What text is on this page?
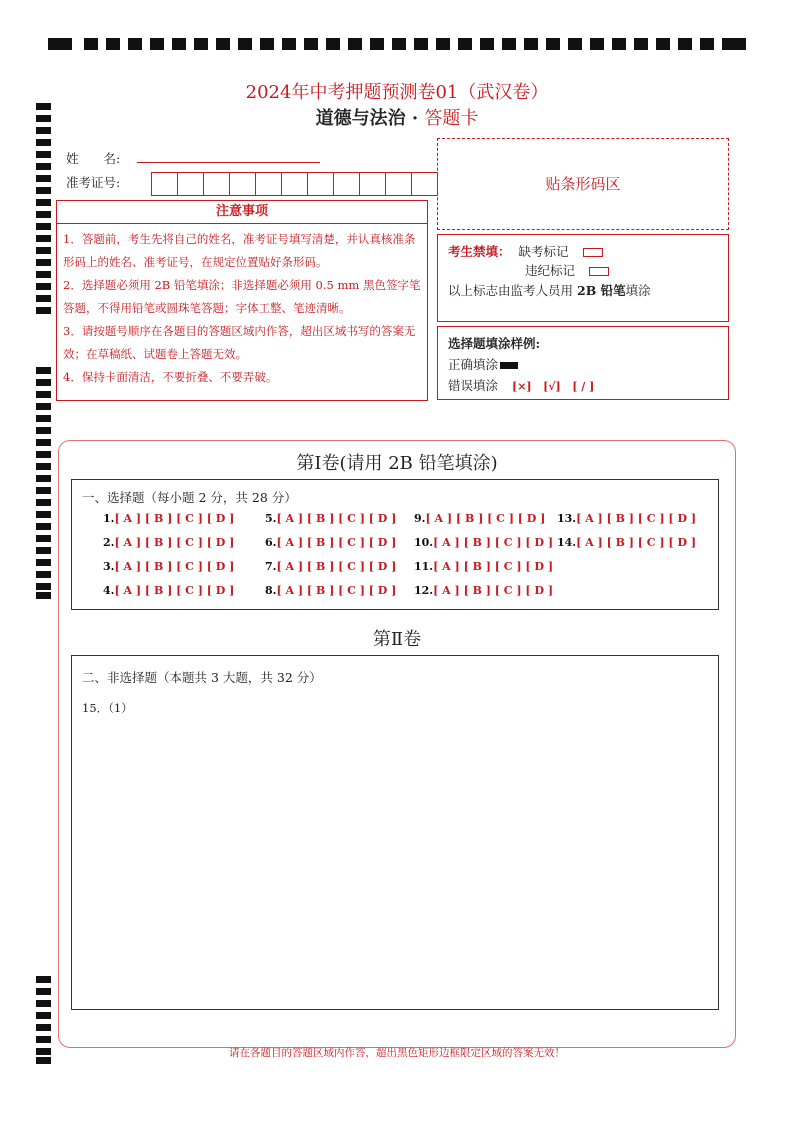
2024年中考押题预测卷01（武汉卷）
道德与法治 · 答题卡
姓　　名:
准考证号:	贴条形码区
注意事项
1．答题前，考生先将自己的姓名，准考证号填写清楚，并认真核准条形码上的姓名、准考证号，在规定位置贴好条形码。
2．选择题必须用 2B 铅笔填涂；非选择题必须用 0.5 mm 黑色签字笔答题，不得用铅笔或圆珠笔答题；字体工整、笔迹清晰。
3．请按题号顺序在各题目的答题区域内作答，超出区域书写的答案无效；在草稿纸、试题卷上答题无效。
4．保持卡面清洁，不要折叠、不要弄破。
考生禁填： 缺考标记
违纪标记
以上标志由监考人员用 2B 铅笔填涂
选择题填涂样例:
正确填涂
错误填涂 [×]   [√]   [ / ]
第Ⅰ卷(请用 2B 铅笔填涂)
一、选择题（每小题 2 分，共 28 分）
1.[ A ] [ B ] [ C ] [ D ]
2.[ A ] [ B ] [ C ] [ D ]
3.[ A ] [ B ] [ C ] [ D ]
4.[ A ] [ B ] [ C ] [ D ]
5.[ A ] [ B ] [ C ] [ D ]
6.[ A ] [ B ] [ C ] [ D ]
7.[ A ] [ B ] [ C ] [ D ]
8.[ A ] [ B ] [ C ] [ D ]
9.[ A ] [ B ] [ C ] [ D ]
10.[ A ] [ B ] [ C ] [ D ]
11.[ A ] [ B ] [ C ] [ D ]
12.[ A ] [ B ] [ C ] [ D ]
13.[ A ] [ B ] [ C ] [ D ]
14.[ A ] [ B ] [ C ] [ D ]
第Ⅱ卷
二、非选择题（本题共 3 大题，共 32 分）
15．（1）
请在各题目的答题区域内作答，超出黑色矩形边框限定区域的答案无效！
